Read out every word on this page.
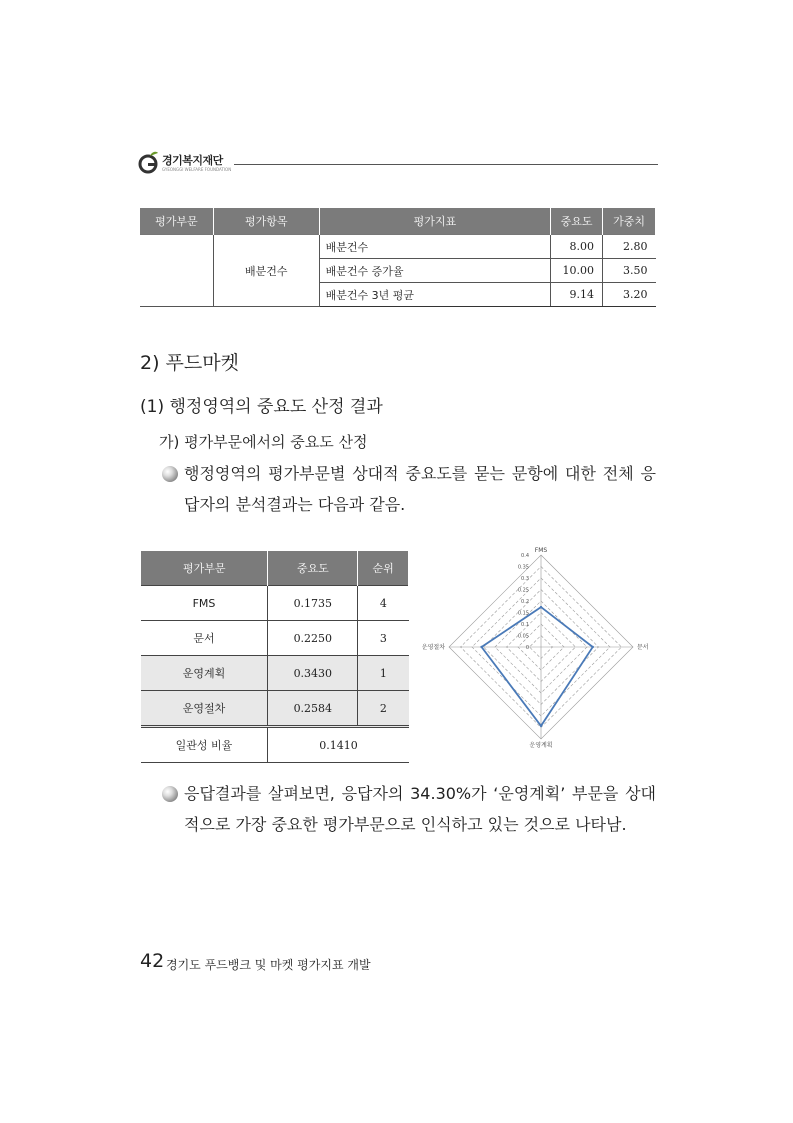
경기복지재단
GYEONGGI WELFARE FOUNDATION
평가부문	평가항목	평가지표	중요도	가중치
	배분건수	배분건수	8.00	2.80
		배분건수 증가율	10.00	3.50
		배분건수 3년 평균	9.14	3.20
2) 푸드마켓
(1) 행정영역의 중요도 산정 결과
가) 평가부문에서의 중요도 산정
행정영역의 평가부문별 상대적 중요도를 묻는 문항에 대한 전체 응답자의 분석결과는 다음과 같음.
평가부문	중요도	순위
FMS	0.1735	4
문서	0.2250	3
운영계획	0.3430	1
운영절차	0.2584	2
일관성 비율	0.1410	
0
0.05
0.1
0.15
0.2
0.25
0.3
0.35
0.4
FMS
문서
운영계획
운영절차
응답결과를 살펴보면, 응답자의 34.30%가 ‘운영계획’ 부문을 상대적으로 가장 중요한 평가부문으로 인식하고 있는 것으로 나타남.
42 경기도 푸드뱅크 및 마켓 평가지표 개발
